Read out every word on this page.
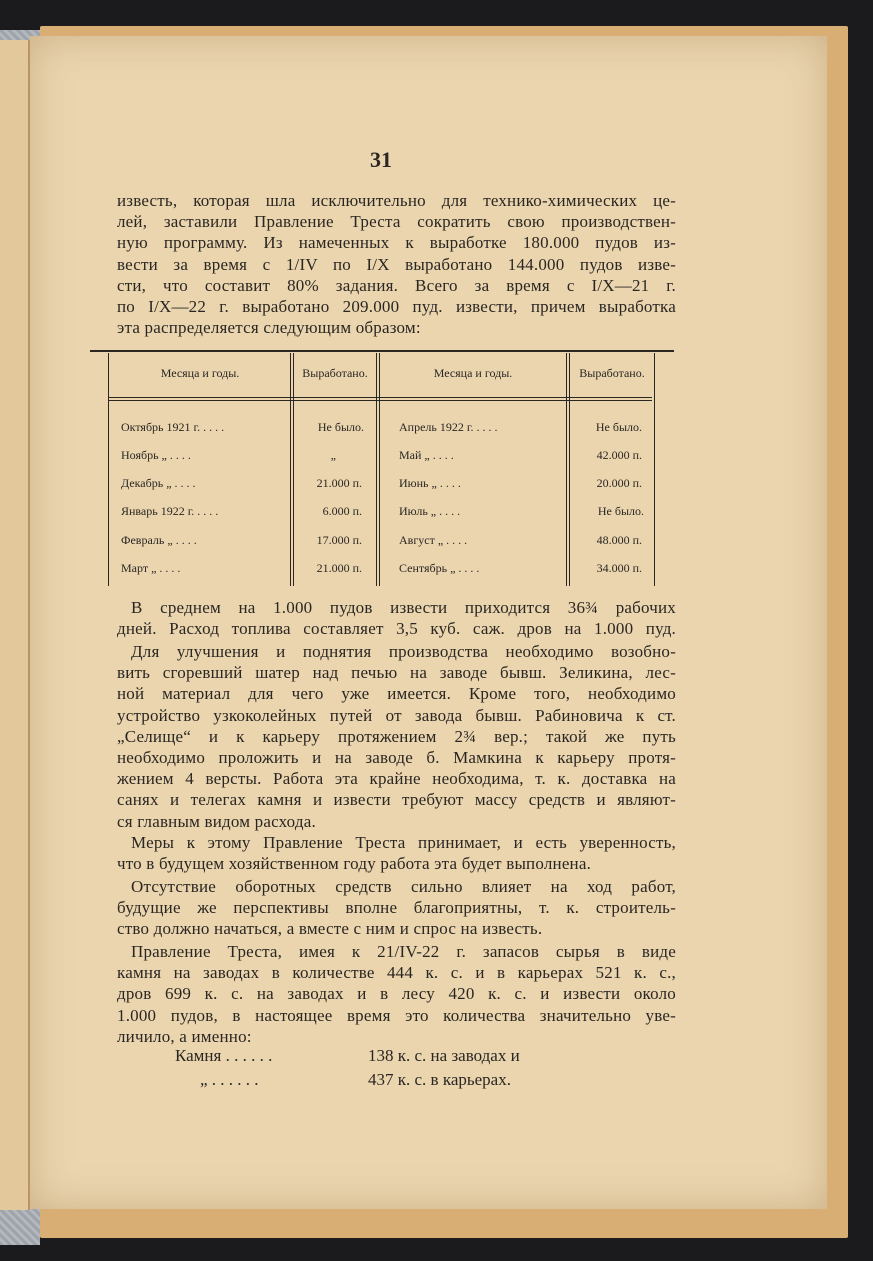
31
известь, которая шла исключительно для технико-химических це-
лей, заставили Правление Треста сократить свою производствен-
ную программу. Из намеченных к выработке 180.000 пудов из-
вести за время с 1/IV по I/X выработано 144.000 пудов изве-
сти, что составит 80% задания. Всего за время с I/X—21 г.
по I/X—22 г. выработано 209.000 пуд. извести, причем выработка
эта распределяется следующим образом:
Месяца и годы.	Выработано.	Месяца и годы.	Выработано.
Октябрь 1921 г. . . . .	Не было.	Апрель 1922 г. . . . .	Не было.
Ноябрь „ . . . .	„	Май „ . . . .	42.000 п.
Декабрь „ . . . .	21.000 п.	Июнь „ . . . .	20.000 п.
Январь 1922 г. . . . .	6.000 п.	Июль „ . . . .	Не было.
Февраль „ . . . .	17.000 п.	Август „ . . . .	48.000 п.
Март „ . . . .	21.000 п.	Сентябрь „ . . . .	34.000 п.
В среднем на 1.000 пудов извести приходится 36¾ рабочих
дней. Расход топлива составляет 3,5 куб. саж. дров на 1.000 пуд.
Для улучшения и поднятия производства необходимо возобно-
вить сгоревший шатер над печью на заводе бывш. Зеликина, лес-
ной материал для чего уже имеется. Кроме того, необходимо
устройство узкоколейных путей от завода бывш. Рабиновича к ст.
„Селище“ и к карьеру протяжением 2¾ вер.; такой же путь
необходимо проложить и на заводе б. Мамкина к карьеру протя-
жением 4 версты. Работа эта крайне необходима, т. к. доставка на
санях и телегах камня и извести требуют массу средств и являют-
ся главным видом расхода.
Меры к этому Правление Треста принимает, и есть уверенность,
что в будущем хозяйственном году работа эта будет выполнена.
Отсутствие оборотных средств сильно влияет на ход работ,
будущие же перспективы вполне благоприятны, т. к. строитель-
ство должно начаться, а вместе с ним и спрос на известь.
Правление Треста, имея к 21/IV-22 г. запасов сырья в виде
камня на заводах в количестве 444 к. с. и в карьерах 521 к. с.,
дров 699 к. с. на заводах и в лесу 420 к. с. и извести около
1.000 пудов, в настоящее время это количества значительно уве-
личило, а именно:
Камня . . . . . .	138 к. с. на заводах и
„ . . . . . .	437 к. с. в карьерах.
